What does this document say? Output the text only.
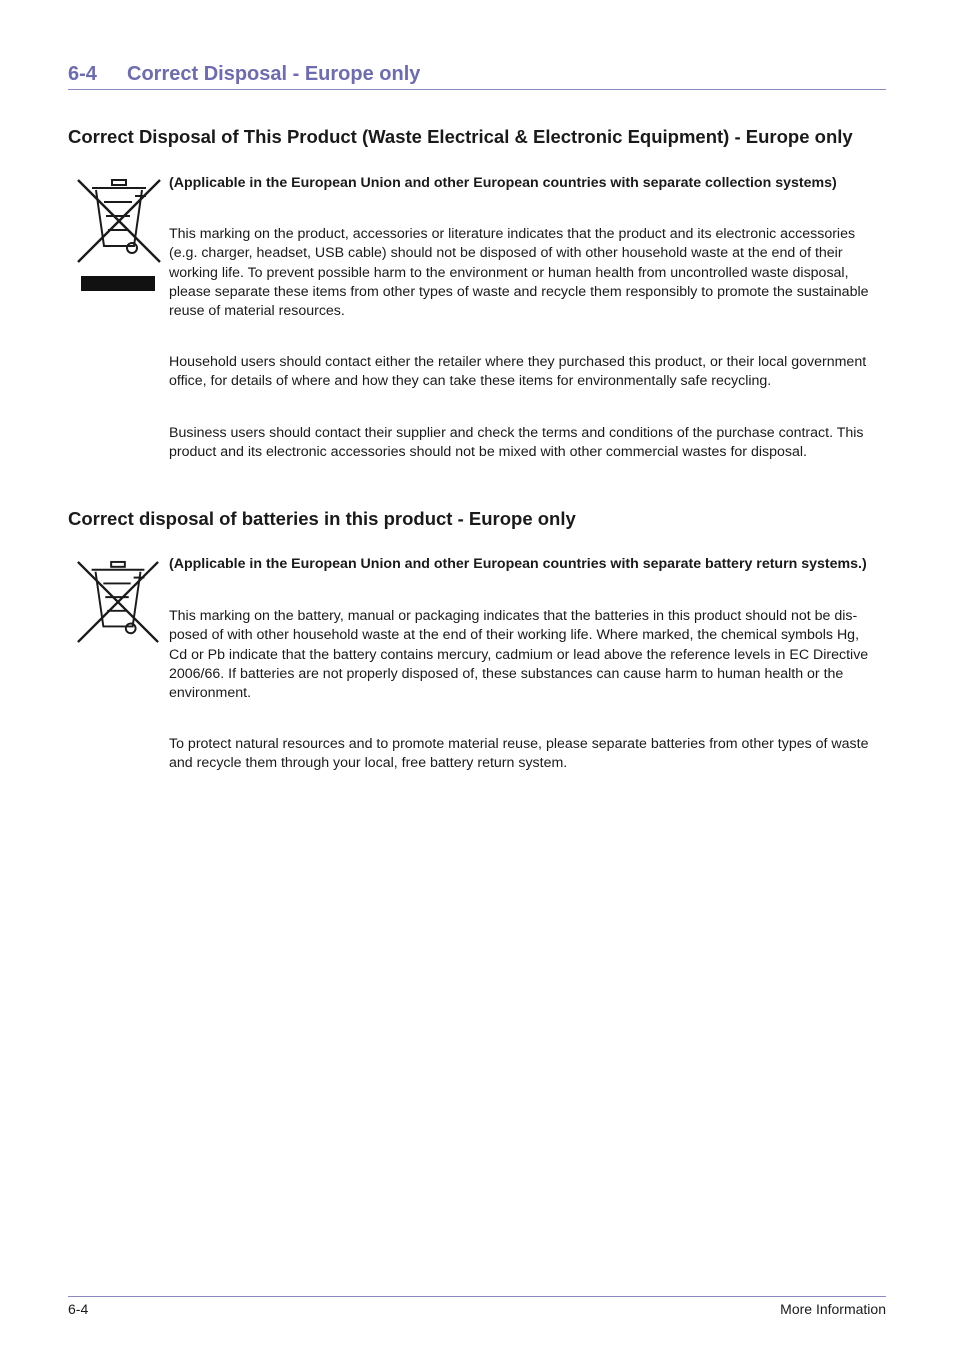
6-4 Correct Disposal - Europe only
Correct Disposal of This Product (Waste Electrical & Electronic Equipment) - Europe only
(Applicable in the European Union and other European countries with separate collection systems)
This marking on the product, accessories or literature indicates that the product and its electronic accessories (e.g. charger, headset, USB cable) should not be disposed of with other household waste at the end of their working life. To prevent possible harm to the environment or human health from uncontrolled waste disposal, please separate these items from other types of waste and recycle them responsibly to promote the sustainable reuse of material resources.
Household users should contact either the retailer where they purchased this product, or their local government office, for details of where and how they can take these items for environmentally safe recycling.
Business users should contact their supplier and check the terms and conditions of the purchase contract. This product and its electronic accessories should not be mixed with other commercial wastes for disposal.
Correct disposal of batteries in this product - Europe only
(Applicable in the European Union and other European countries with separate battery return systems.)
This marking on the battery, manual or packaging indicates that the batteries in this product should not be dis-posed of with other household waste at the end of their working life. Where marked, the chemical symbols Hg, Cd or Pb indicate that the battery contains mercury, cadmium or lead above the reference levels in EC Directive 2006/66. If batteries are not properly disposed of, these substances can cause harm to human health or the environment.
To protect natural resources and to promote material reuse, please separate batteries from other types of waste and recycle them through your local, free battery return system.
6-4	More Information
